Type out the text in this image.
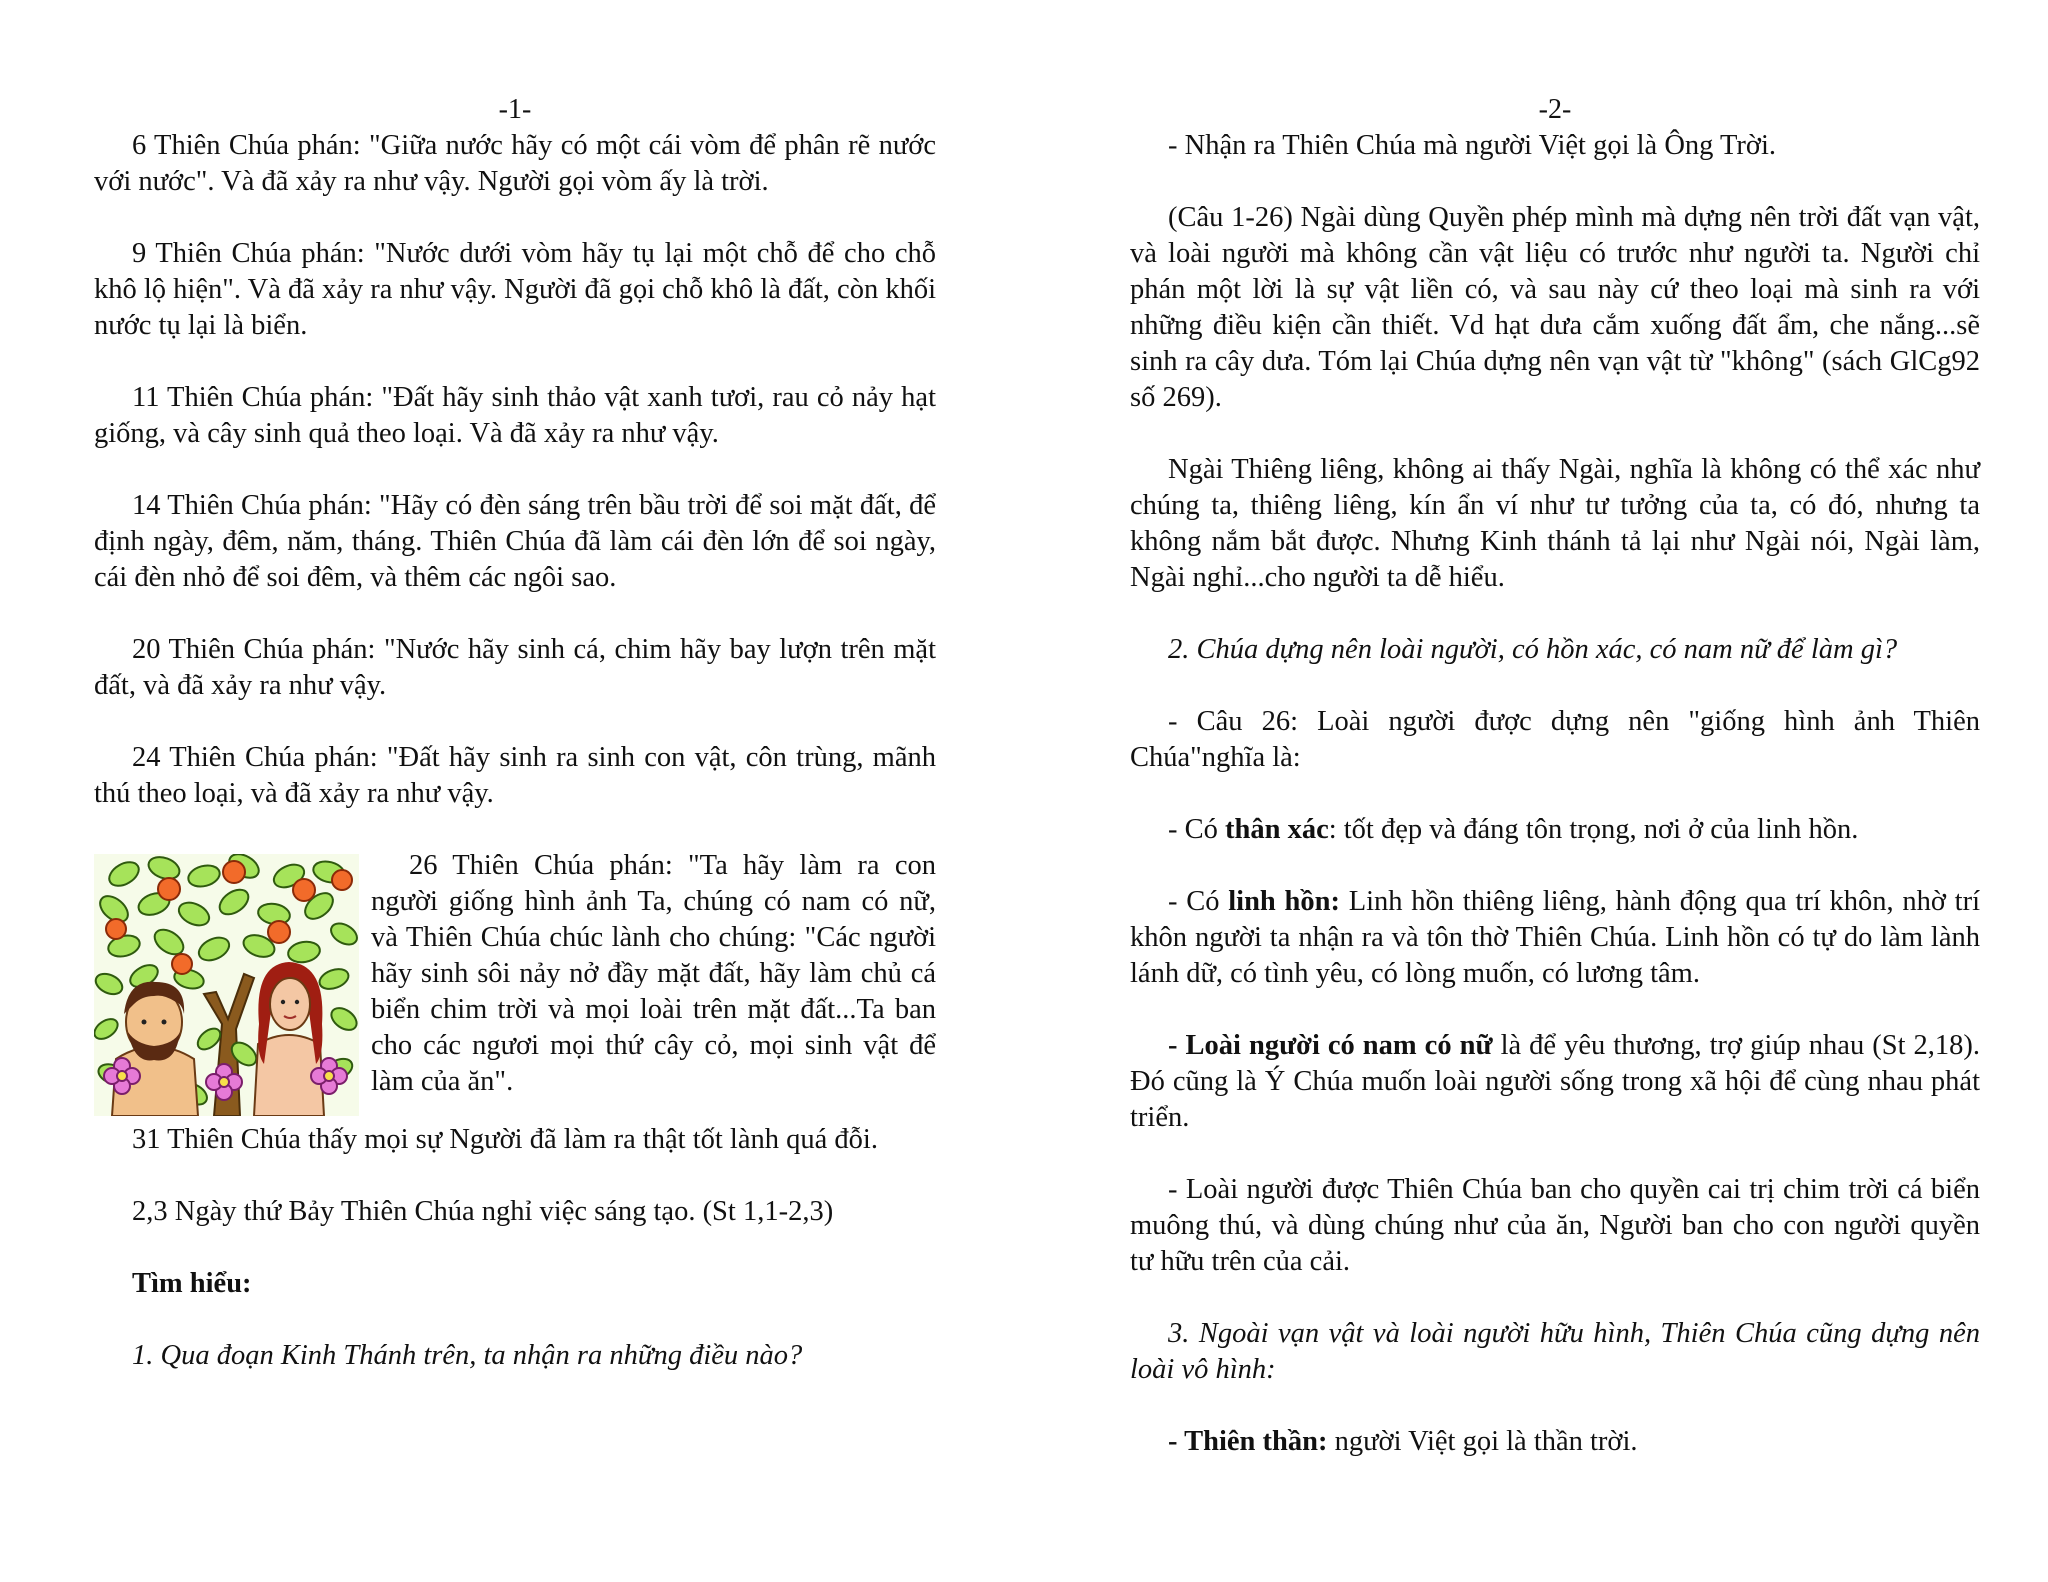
-1-

6 Thiên Chúa phán: "Giữa nước hãy có một cái vòm để phân rẽ nước với nước". Và đã xảy ra như vậy. Người gọi vòm ấy là trời.

9 Thiên Chúa phán: "Nước dưới vòm hãy tụ lại một chỗ để cho chỗ khô lộ hiện". Và đã xảy ra như vậy. Người đã gọi chỗ khô là đất, còn khối nước tụ lại là biển.

11 Thiên Chúa phán: "Đất hãy sinh thảo vật xanh tươi, rau cỏ nảy hạt giống, và cây sinh quả theo loại. Và đã xảy ra như vậy.

14 Thiên Chúa phán: "Hãy có đèn sáng trên bầu trời để soi mặt đất, để định ngày, đêm, năm, tháng. Thiên Chúa đã làm cái đèn lớn để soi ngày, cái đèn nhỏ để soi đêm, và thêm các ngôi sao.

20 Thiên Chúa phán: "Nước hãy sinh cá, chim hãy bay lượn trên mặt đất, và đã xảy ra như vậy.

24 Thiên Chúa phán: "Đất hãy sinh ra sinh con vật, côn trùng, mãnh thú theo loại, và đã xảy ra như vậy.

26 Thiên Chúa phán: "Ta hãy làm ra con người giống hình ảnh Ta, chúng có nam có nữ, và Thiên Chúa chúc lành cho chúng: "Các người hãy sinh sôi nảy nở đầy mặt đất, hãy làm chủ cá biển chim trời và mọi loài trên mặt đất...Ta ban cho các ngươi mọi thứ cây cỏ, mọi sinh vật để làm của ăn".

31 Thiên Chúa thấy mọi sự Người đã làm ra thật tốt lành quá đỗi.

2,3 Ngày thứ Bảy Thiên Chúa nghỉ việc sáng tạo. (St 1,1-2,3)

Tìm hiểu:

1. Qua đoạn Kinh Thánh trên, ta nhận ra những điều nào?

-2-

- Nhận ra Thiên Chúa mà người Việt gọi là Ông Trời.

(Câu 1-26) Ngài dùng Quyền phép mình mà dựng nên trời đất vạn vật, và loài người mà không cần vật liệu có trước như người ta. Người chỉ phán một lời là sự vật liền có, và sau này cứ theo loại mà sinh ra với những điều kiện cần thiết. Vd hạt dưa cắm xuống đất ẩm, che nắng...sẽ sinh ra cây dưa. Tóm lại Chúa dựng nên vạn vật từ "không" (sách GlCg92 số 269).

Ngài Thiêng liêng, không ai thấy Ngài, nghĩa là không có thể xác như chúng ta, thiêng liêng, kín ẩn ví như tư tưởng của ta, có đó, nhưng ta không nắm bắt được. Nhưng Kinh thánh tả lại như Ngài nói, Ngài làm, Ngài nghỉ...cho người ta dễ hiểu.

2. Chúa dựng nên loài người, có hồn xác, có nam nữ để làm gì?

- Câu 26: Loài người được dựng nên "giống hình ảnh Thiên Chúa"nghĩa là:

- Có thân xác: tốt đẹp và đáng tôn trọng, nơi ở của linh hồn.

- Có linh hồn: Linh hồn thiêng liêng, hành động qua trí khôn, nhờ trí khôn người ta nhận ra và tôn thờ Thiên Chúa. Linh hồn có tự do làm lành lánh dữ, có tình yêu, có lòng muốn, có lương tâm.

- Loài người có nam có nữ là để yêu thương, trợ giúp nhau (St 2,18). Đó cũng là Ý Chúa muốn loài người sống trong xã hội để cùng nhau phát triển.

- Loài người được Thiên Chúa ban cho quyền cai trị chim trời cá biển muông thú, và dùng chúng như của ăn, Người ban cho con người quyền tư hữu trên của cải.

3. Ngoài vạn vật và loài người hữu hình, Thiên Chúa cũng dựng nên loài vô hình:

- Thiên thần: người Việt gọi là thần trời.
